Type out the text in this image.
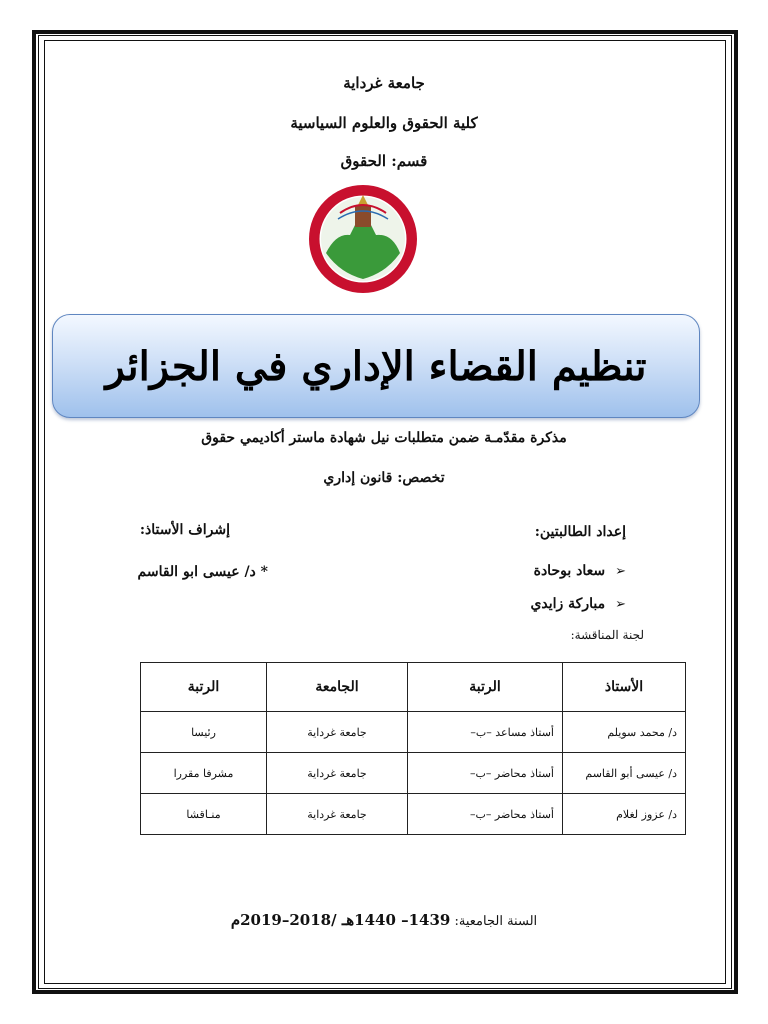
جامعة غرداية
كلية الحقوق والعلوم السياسية
قسم: الحقوق
تنظيم القضاء الإداري في الجزائر
مذكرة مقدّمـة ضمن متطلبات نيل شهادة ماستر أكاديمي حقوق
تخصص: قانون إداري
إعداد الطالبتين:
إشراف الأستاذ:
➢
سعاد بوحادة
➢
مباركة زايدي
* د/ عيسى ابو القاسم
لجنة المناقشة:
الأستاذ	الرتبة	الجامعة	الرتبة
د/ محمد سويلم	أستاذ مساعد –ب–	جامعة غرداية	رئيسا
د/ عيسى أبو القاسم	أستاذ محاضر –ب–	جامعة غرداية	مشرفا مقررا
د/ عزوز لغلام	أستاذ محاضر –ب–	جامعة غرداية	منـاقشا
السنة الجامعية: 1439– 1440هـ /2018–2019م
